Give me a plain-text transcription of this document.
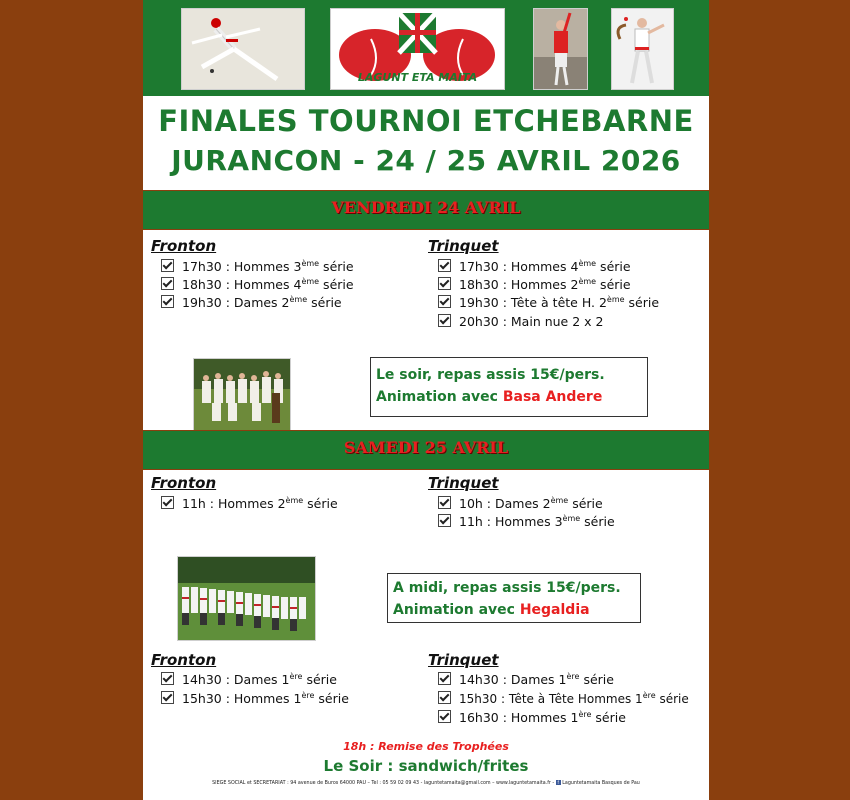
LAGUNT ETA MAITA
FINALES TOURNOI ETCHEBARNE
JURANCON - 24 / 25 AVRIL 2026
VENDREDI 24 AVRIL
Fronton
17h30 : Hommes 3ème série
18h30 : Hommes 4ème série
19h30 : Dames 2ème série
Trinquet
17h30 : Hommes 4ème série
18h30 : Hommes 2ème série
19h30 : Tête à tête H. 2ème série
20h30 : Main nue 2 x 2
Le soir, repas assis 15€/pers.
Animation avec Basa Andere
SAMEDI 25 AVRIL
Fronton
11h : Hommes 2ème série
Trinquet
10h : Dames 2ème série
11h : Hommes 3ème série
A midi, repas assis 15€/pers.
Animation avec Hegaldia
Fronton
14h30 : Dames 1ère série
15h30 : Hommes 1ère série
Trinquet
14h30 : Dames 1ère série
15h30 : Tête à Tête Hommes 1ère série
16h30 : Hommes 1ère série
18h : Remise des Trophées
Le Soir : sandwich/frites
SIEGE SOCIAL et SECRETARIAT : 94 avenue de Buros 64000 PAU – Tel : 05 59 02 09 43 - laguntetamaita@gmail.com – www.laguntetamaita.fr - f Laguntetamaita Basques de Pau
